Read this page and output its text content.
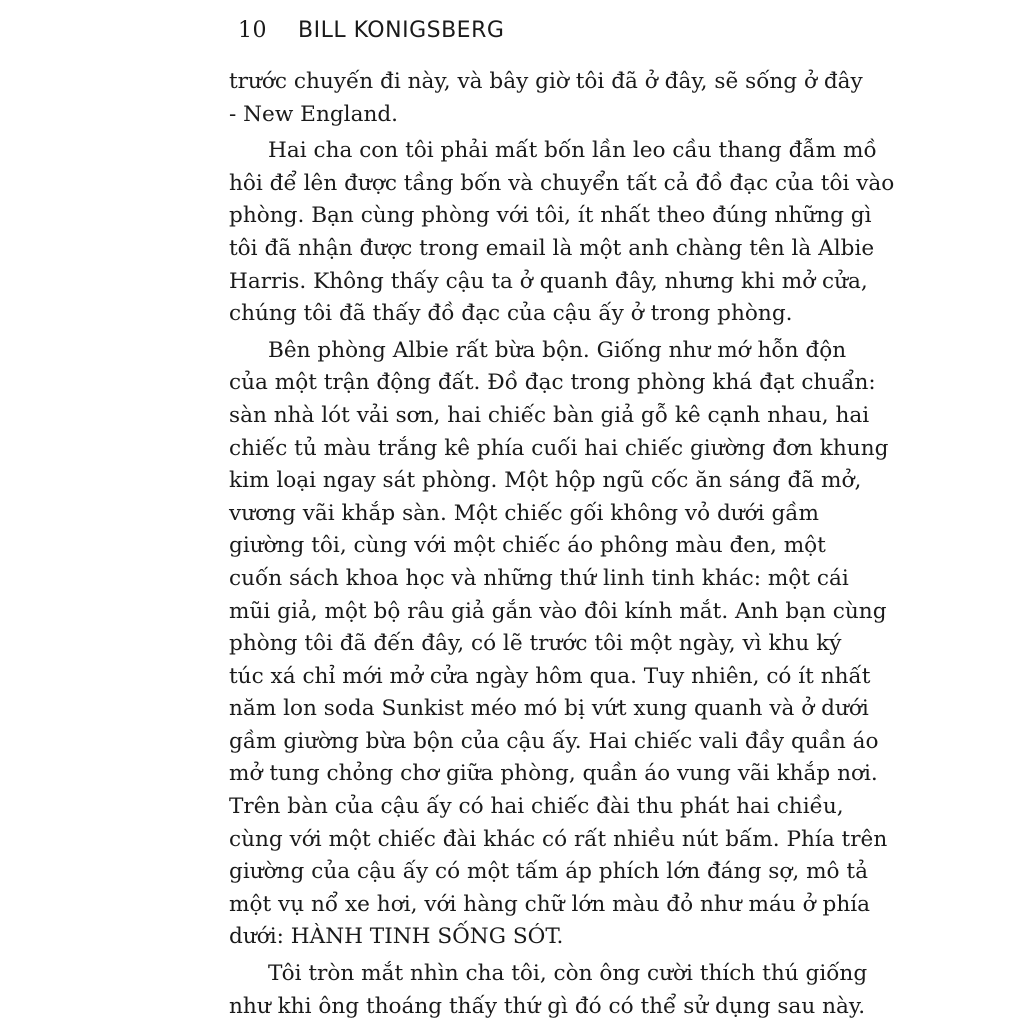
10 BILL KONIGSBERG
trước chuyến đi này, và bây giờ tôi đã ở đây, sẽ sống ở đây
- New England.
Hai cha con tôi phải mất bốn lần leo cầu thang đẫm mồ
hôi để lên được tầng bốn và chuyển tất cả đồ đạc của tôi vào
phòng. Bạn cùng phòng với tôi, ít nhất theo đúng những gì
tôi đã nhận được trong email là một anh chàng tên là Albie
Harris. Không thấy cậu ta ở quanh đây, nhưng khi mở cửa,
chúng tôi đã thấy đồ đạc của cậu ấy ở trong phòng.
Bên phòng Albie rất bừa bộn. Giống như mớ hỗn độn
của một trận động đất. Đồ đạc trong phòng khá đạt chuẩn:
sàn nhà lót vải sơn, hai chiếc bàn giả gỗ kê cạnh nhau, hai
chiếc tủ màu trắng kê phía cuối hai chiếc giường đơn khung
kim loại ngay sát phòng. Một hộp ngũ cốc ăn sáng đã mở,
vương vãi khắp sàn. Một chiếc gối không vỏ dưới gầm
giường tôi, cùng với một chiếc áo phông màu đen, một
cuốn sách khoa học và những thứ linh tinh khác: một cái
mũi giả, một bộ râu giả gắn vào đôi kính mắt. Anh bạn cùng
phòng tôi đã đến đây, có lẽ trước tôi một ngày, vì khu ký
túc xá chỉ mới mở cửa ngày hôm qua. Tuy nhiên, có ít nhất
năm lon soda Sunkist méo mó bị vứt xung quanh và ở dưới
gầm giường bừa bộn của cậu ấy. Hai chiếc vali đầy quần áo
mở tung chỏng chơ giữa phòng, quần áo vung vãi khắp nơi.
Trên bàn của cậu ấy có hai chiếc đài thu phát hai chiều,
cùng với một chiếc đài khác có rất nhiều nút bấm. Phía trên
giường của cậu ấy có một tấm áp phích lớn đáng sợ, mô tả
một vụ nổ xe hơi, với hàng chữ lớn màu đỏ như máu ở phía
dưới: HÀNH TINH SỐNG SÓT.
Tôi tròn mắt nhìn cha tôi, còn ông cười thích thú giống
như khi ông thoáng thấy thứ gì đó có thể sử dụng sau này.
